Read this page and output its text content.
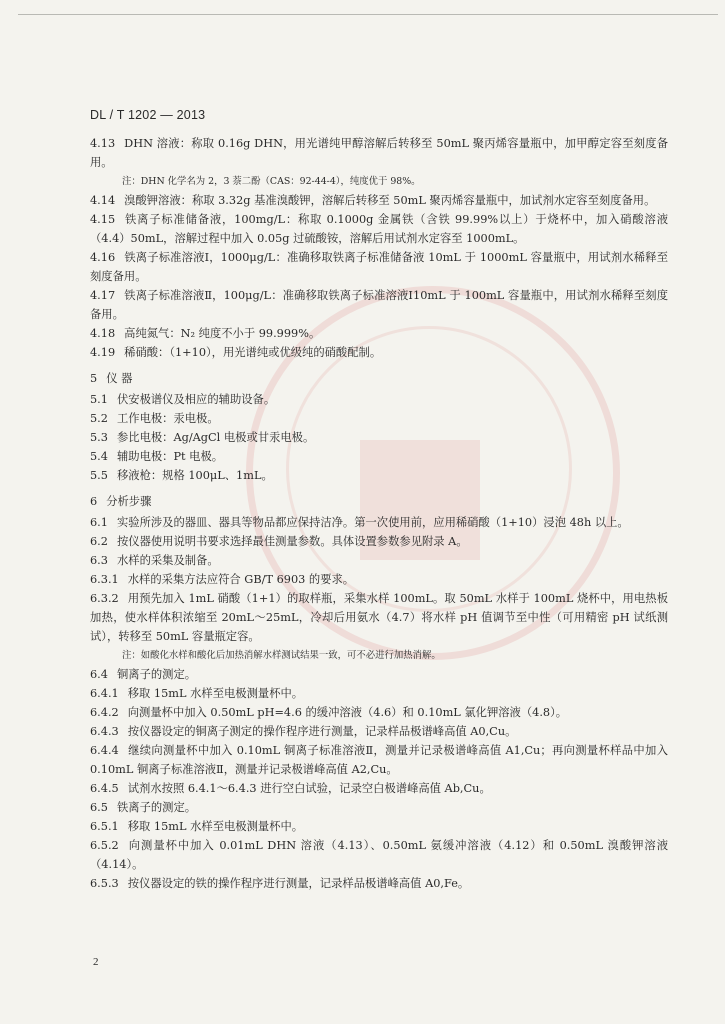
DL / T 1202 — 2013

4.13 DHN 溶液：称取 0.16g DHN，用光谱纯甲醇溶解后转移至 50mL 聚丙烯容量瓶中，加甲醇定容至刻度备用。

注：DHN 化学名为 2，3 萘二酚（CAS：92-44-4），纯度优于 98%。

4.14 溴酸钾溶液：称取 3.32g 基准溴酸钾，溶解后转移至 50mL 聚丙烯容量瓶中，加试剂水定容至刻度备用。

4.15 铁离子标准储备液，100mg/L：称取 0.1000g 金属铁（含铁 99.99%以上）于烧杯中，加入硝酸溶液（4.4）50mL，溶解过程中加入 0.05g 过硫酸铵，溶解后用试剂水定容至 1000mL。

4.16 铁离子标准溶液Ⅰ，1000μg/L：准确移取铁离子标准储备液 10mL 于 1000mL 容量瓶中，用试剂水稀释至刻度备用。

4.17 铁离子标准溶液Ⅱ，100μg/L：准确移取铁离子标准溶液Ⅰ10mL 于 100mL 容量瓶中，用试剂水稀释至刻度备用。

4.18 高纯氮气：N₂ 纯度不小于 99.999%。

4.19 稀硝酸：（1+10），用光谱纯或优级纯的硝酸配制。

5 仪 器

5.1 伏安极谱仪及相应的辅助设备。

5.2 工作电极：汞电极。

5.3 参比电极：Ag/AgCl 电极或甘汞电极。

5.4 辅助电极：Pt 电极。

5.5 移液枪：规格 100μL、1mL。

6 分析步骤

6.1 实验所涉及的器皿、器具等物品都应保持洁净。第一次使用前，应用稀硝酸（1+10）浸泡 48h 以上。

6.2 按仪器使用说明书要求选择最佳测量参数。具体设置参数参见附录 A。

6.3 水样的采集及制备。

6.3.1 水样的采集方法应符合 GB/T 6903 的要求。

6.3.2 用预先加入 1mL 硝酸（1+1）的取样瓶，采集水样 100mL。取 50mL 水样于 100mL 烧杯中，用电热板加热，使水样体积浓缩至 20mL～25mL，冷却后用氨水（4.7）将水样 pH 值调节至中性（可用精密 pH 试纸测试），转移至 50mL 容量瓶定容。

注：如酸化水样和酸化后加热消解水样测试结果一致，可不必进行加热消解。

6.4 铜离子的测定。

6.4.1 移取 15mL 水样至电极测量杯中。

6.4.2 向测量杯中加入 0.50mL pH=4.6 的缓冲溶液（4.6）和 0.10mL 氯化钾溶液（4.8）。

6.4.3 按仪器设定的铜离子测定的操作程序进行测量，记录样品极谱峰高值 A0,Cu。

6.4.4 继续向测量杯中加入 0.10mL 铜离子标准溶液Ⅱ，测量并记录极谱峰高值 A1,Cu；再向测量杯样品中加入 0.10mL 铜离子标准溶液Ⅱ，测量并记录极谱峰高值 A2,Cu。

6.4.5 试剂水按照 6.4.1～6.4.3 进行空白试验，记录空白极谱峰高值 Ab,Cu。

6.5 铁离子的测定。

6.5.1 移取 15mL 水样至电极测量杯中。

6.5.2 向测量杯中加入 0.01mL DHN 溶液（4.13）、0.50mL 氨缓冲溶液（4.12）和 0.50mL 溴酸钾溶液（4.14）。

6.5.3 按仪器设定的铁的操作程序进行测量，记录样品极谱峰高值 A0,Fe。

2
